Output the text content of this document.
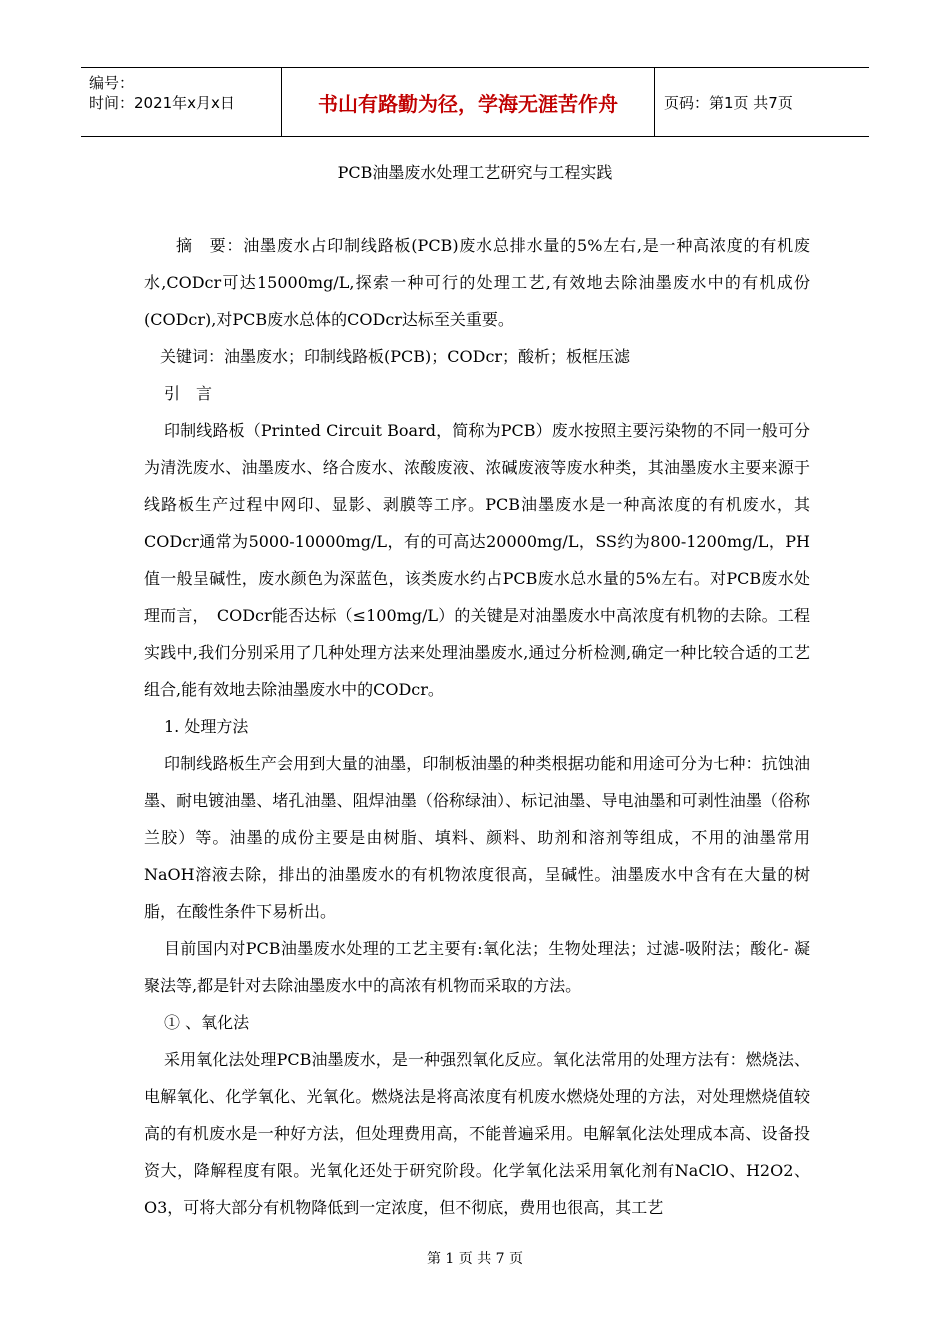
编号：
时间：2021年x月x日	书山有路勤为径，学海无涯苦作舟	页码：第1页 共7页
PCB油墨废水处理工艺研究与工程实践

摘　要：油墨废水占印制线路板(PCB)废水总排水量的5%左右,是一种高浓度的有机废水,CODcr可达15000mg/L,探索一种可行的处理工艺,有效地去除油墨废水中的有机成份(CODcr),对PCB废水总体的CODcr达标至关重要。

关键词：油墨废水；印制线路板(PCB)；CODcr；酸析；板框压滤

引　言

印制线路板（Printed Circuit Board，简称为PCB）废水按照主要污染物的不同一般可分为清洗废水、油墨废水、络合废水、浓酸废液、浓碱废液等废水种类，其油墨废水主要来源于线路板生产过程中网印、显影、剥膜等工序。PCB油墨废水是一种高浓度的有机废水，其CODcr通常为5000-10000mg/L，有的可高达20000mg/L，SS约为800-1200mg/L，PH值一般呈碱性，废水颜色为深蓝色，该类废水约占PCB废水总水量的5%左右。对PCB废水处理而言，　CODcr能否达标（≤100mg/L）的关键是对油墨废水中高浓度有机物的去除。工程实践中,我们分别采用了几种处理方法来处理油墨废水,通过分析检测,确定一种比较合适的工艺组合,能有效地去除油墨废水中的CODcr。

1. 处理方法

印制线路板生产会用到大量的油墨，印制板油墨的种类根据功能和用途可分为七种：抗蚀油墨、耐电镀油墨、堵孔油墨、阻焊油墨（俗称绿油）、标记油墨、导电油墨和可剥性油墨（俗称兰胶）等。油墨的成份主要是由树脂、填料、颜料、助剂和溶剂等组成，不用的油墨常用NaOH溶液去除，排出的油墨废水的有机物浓度很高，呈碱性。油墨废水中含有在大量的树脂，在酸性条件下易析出。

目前国内对PCB油墨废水处理的工艺主要有:氧化法；生物处理法；过滤-吸附法；酸化- 凝聚法等,都是针对去除油墨废水中的高浓有机物而采取的方法。

① 、氧化法

采用氧化法处理PCB油墨废水，是一种强烈氧化反应。氧化法常用的处理方法有：燃烧法、电解氧化、化学氧化、光氧化。燃烧法是将高浓度有机废水燃烧处理的方法，对处理燃烧值较高的有机废水是一种好方法，但处理费用高，不能普遍采用。电解氧化法处理成本高、设备投资大，降解程度有限。光氧化还处于研究阶段。化学氧化法采用氧化剂有NaClO、H2O2、O3，可将大部分有机物降低到一定浓度，但不彻底，费用也很高，其工艺

第 1 页 共 7 页
